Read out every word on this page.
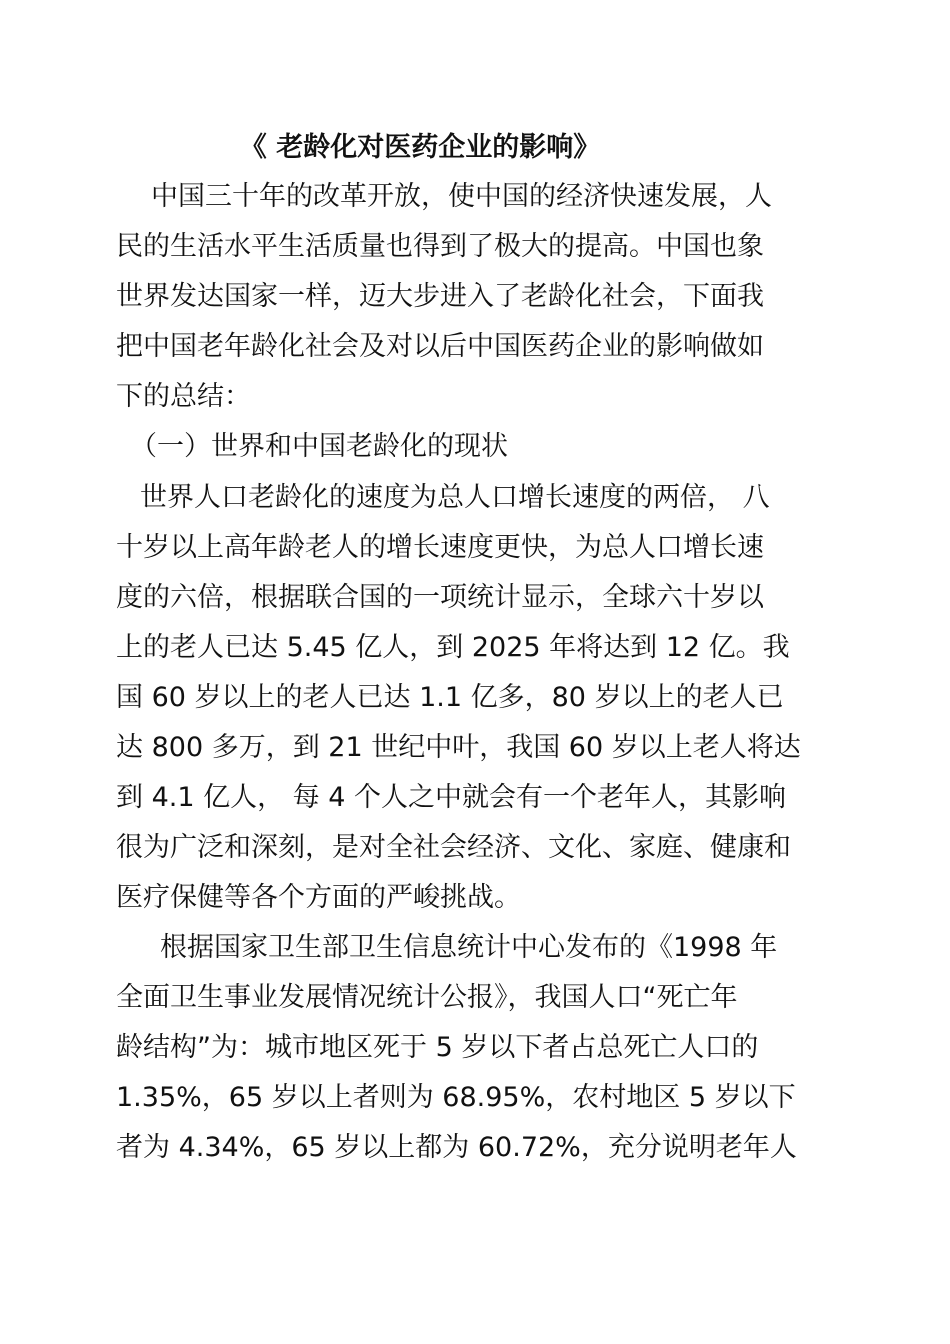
《 老龄化对医药企业的影响》
中国三十年的改革开放，使中国的经济快速发展，人
民的生活水平生活质量也得到了极大的提高。中国也象
世界发达国家一样，迈大步进入了老龄化社会，下面我
把中国老年龄化社会及对以后中国医药企业的影响做如
下的总结：
（一）世界和中国老龄化的现状
世界人口老龄化的速度为总人口增长速度的两倍， 八
十岁以上高年龄老人的增长速度更快，为总人口增长速
度的六倍，根据联合国的一项统计显示，全球六十岁以
上的老人已达 5.45 亿人，到 2025 年将达到 12 亿。我
国 60 岁以上的老人已达 1.1 亿多，80 岁以上的老人已
达 800 多万，到 21 世纪中叶，我国 60 岁以上老人将达
到 4.1 亿人， 每 4 个人之中就会有一个老年人，其影响
很为广泛和深刻，是对全社会经济、文化、家庭、健康和
医疗保健等各个方面的严峻挑战。
根据国家卫生部卫生信息统计中心发布的《1998 年
全面卫生事业发展情况统计公报》，我国人口“死亡年
龄结构”为：城市地区死于 5 岁以下者占总死亡人口的
1.35%，65 岁以上者则为 68.95%，农村地区 5 岁以下
者为 4.34%，65 岁以上都为 60.72%，充分说明老年人
